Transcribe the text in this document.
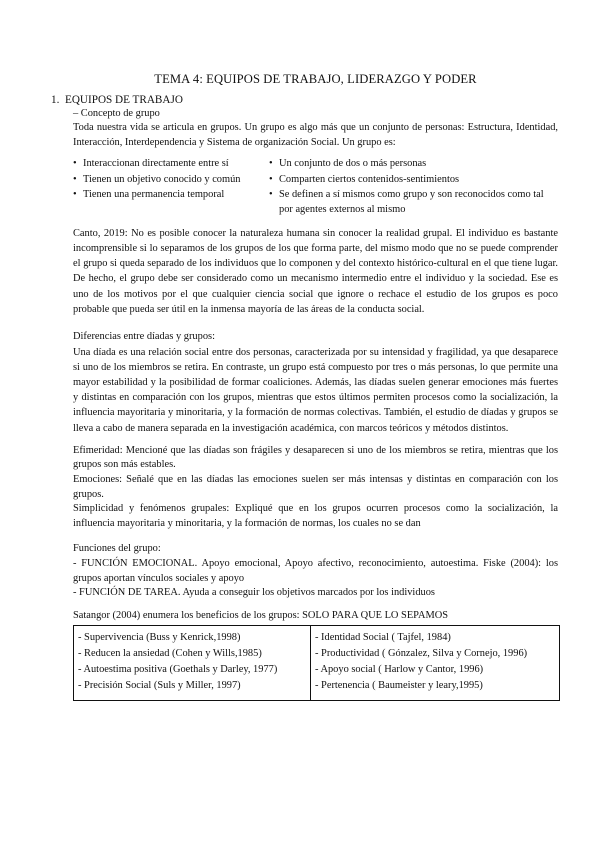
TEMA 4: EQUIPOS DE TRABAJO, LIDERAZGO Y PODER
1. EQUIPOS DE TRABAJO
– Concepto de grupo

Toda nuestra vida se articula en grupos. Un grupo es algo más que un conjunto de personas: Estructura, Identidad, Interacción, Interdependencia y Sistema de organización Social. Un grupo es:

• Interaccionan directamente entre sí
• Tienen un objetivo conocido y común
• Tienen una permanencia temporal
• Un conjunto de dos o más personas
• Comparten ciertos contenidos-sentimientos
• Se definen a sí mismos como grupo y son reconocidos como tal por agentes externos al mismo

Canto, 2019: No es posible conocer la naturaleza humana sin conocer la realidad grupal. El individuo es bastante incomprensible si lo separamos de los grupos de los que forma parte, del mismo modo que no se puede comprender el grupo si queda separado de los individuos que lo componen y del contexto histórico-cultural en el que tiene lugar. De hecho, el grupo debe ser considerado como un mecanismo intermedio entre el individuo y la sociedad. Ese es uno de los motivos por el que cualquier ciencia social que ignore o rechace el estudio de los grupos es poco probable que pueda ser útil en la inmensa mayoría de las áreas de la conducta social.

Diferencias entre díadas y grupos:

Una díada es una relación social entre dos personas, caracterizada por su intensidad y fragilidad, ya que desaparece si uno de los miembros se retira. En contraste, un grupo está compuesto por tres o más personas, lo que permite una mayor estabilidad y la posibilidad de formar coaliciones. Además, las díadas suelen generar emociones más fuertes y distintas en comparación con los grupos, mientras que estos últimos permiten procesos como la socialización, la influencia mayoritaria y minoritaria, y la formación de normas colectivas. También, el estudio de díadas y grupos se lleva a cabo de manera separada en la investigación académica, con marcos teóricos y métodos distintos.

Efimeridad: Mencioné que las díadas son frágiles y desaparecen si uno de los miembros se retira, mientras que los grupos son más estables.

Emociones: Señalé que en las díadas las emociones suelen ser más intensas y distintas en comparación con los grupos.

Simplicidad y fenómenos grupales: Expliqué que en los grupos ocurren procesos como la socialización, la influencia mayoritaria y minoritaria, y la formación de normas, los cuales no se dan

Funciones del grupo:

- FUNCIÓN EMOCIONAL. Apoyo emocional, Apoyo afectivo, reconocimiento, autoestima. Fiske (2004): los grupos aportan vínculos sociales y apoyo

- FUNCIÓN DE TAREA. Ayuda a conseguir los objetivos marcados por los individuos

Satangor (2004) enumera los beneficios de los grupos: SOLO PARA QUE LO SEPAMOS
- Supervivencia (Buss y Kenrick,1998)
- Reducen la ansiedad (Cohen y Wills,1985)
- Autoestima positiva (Goethals y Darley, 1977)
- Precisión Social (Suls y Miller, 1997)

- Identidad Social ( Tajfel, 1984)
- Productividad ( Gónzalez, Silva y Cornejo, 1996)
- Apoyo social ( Harlow y Cantor, 1996)
- Pertenencia ( Baumeister y leary,1995)
